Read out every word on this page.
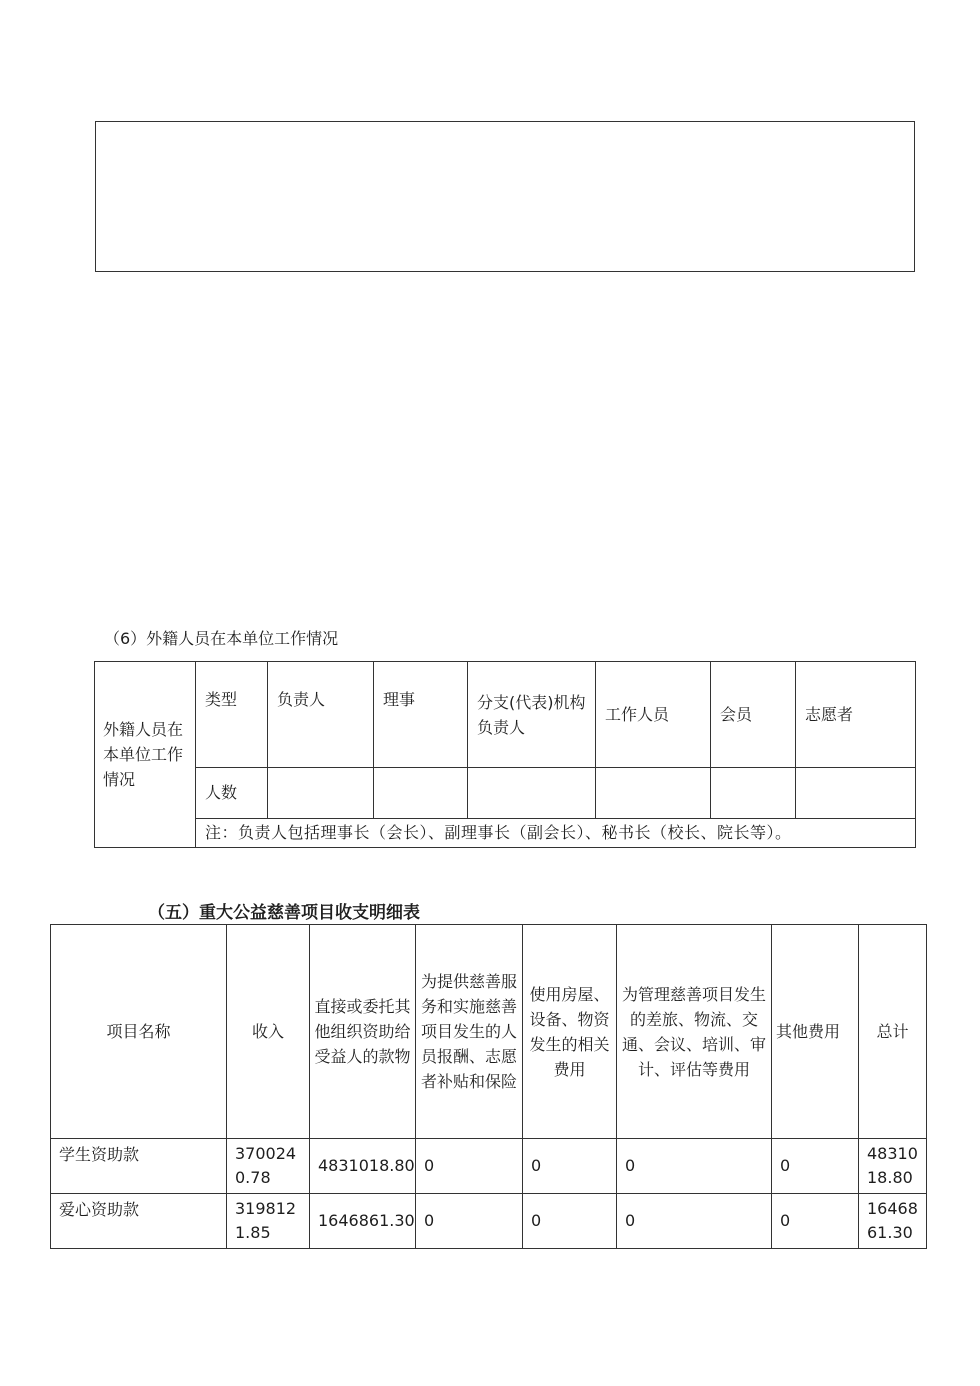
（6）外籍人员在本单位工作情况
外籍人员在本单位工作情况	类型	负责人	理事	分支(代表)机构负责人	工作人员	会员	志愿者
	人数						
	注：负责人包括理事长（会长）、副理事长（副会长）、秘书长（校长、院长等）。						
（五）重大公益慈善项目收支明细表
项目名称	收入	直接或委托其他组织资助给受益人的款物	为提供慈善服务和实施慈善项目发生的人员报酬、志愿者补贴和保险	使用房屋、设备、物资发生的相关费用	为管理慈善项目发生的差旅、物流、交通、会议、培训、审计、评估等费用	其他费用	总计
学生资助款	3700240.78	4831018.80	0	0	0	0	4831018.80
爱心资助款	3198121.85	1646861.30	0	0	0	0	1646861.30
